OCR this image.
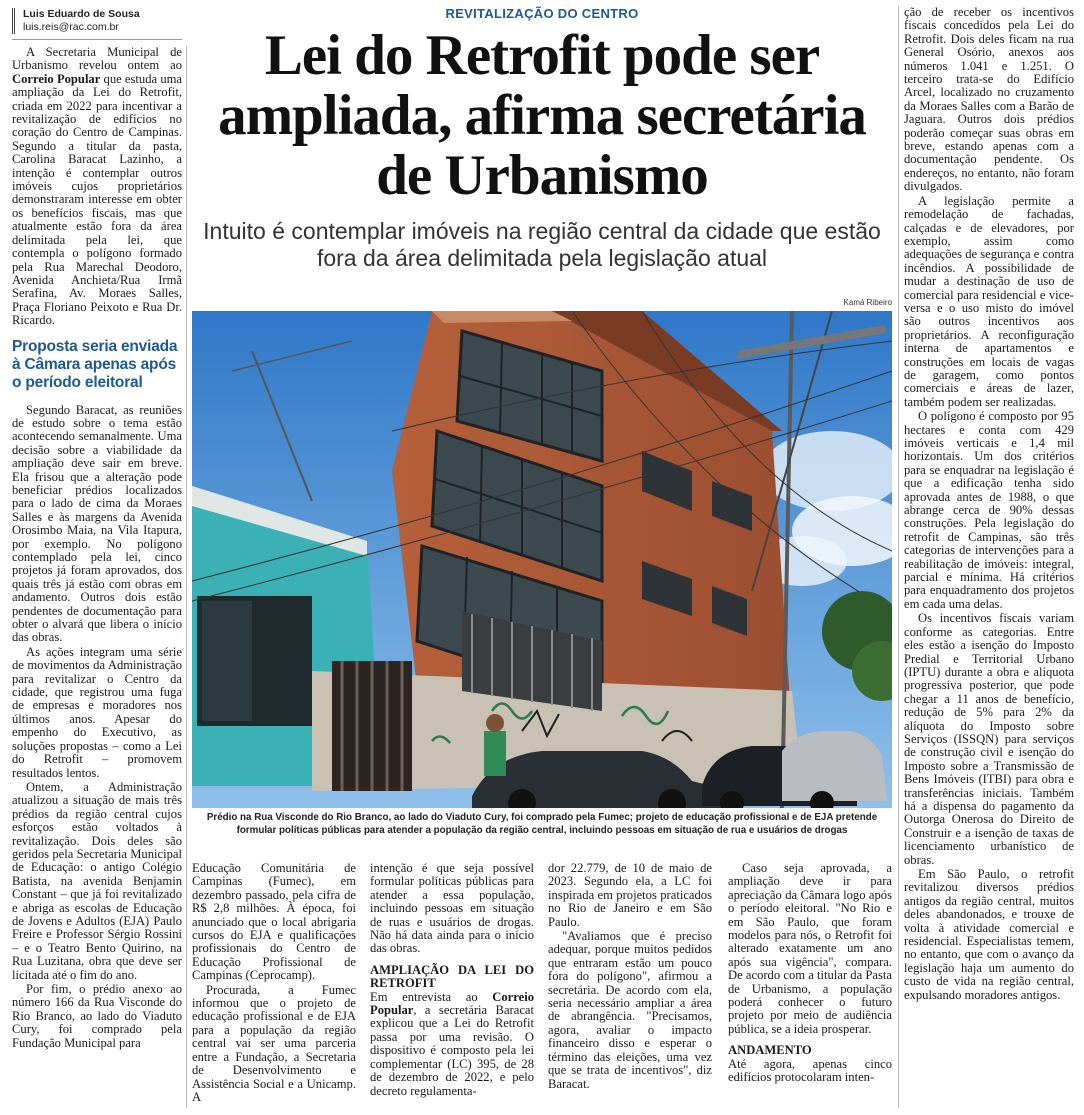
Luis Eduardo de Sousa
luis.reis@rac.com.br
REVITALIZAÇÃO DO CENTRO
Lei do Retrofit pode ser ampliada, afirma secretária de Urbanismo
Intuito é contemplar imóveis na região central da cidade que estão fora da área delimitada pela legislação atual

A Secretaria Municipal de Urbanismo revelou ontem ao Correio Popular que estuda uma ampliação da Lei do Retrofit, criada em 2022 para incentivar a revitalização de edifícios no coração do Centro de Campinas. Segundo a titular da pasta, Carolina Baracat Lazinho, a intenção é contemplar outros imóveis cujos proprietários demonstraram interesse em obter os benefícios fiscais, mas que atualmente estão fora da área delimitada pela lei, que contempla o polígono formado pela Rua Marechal Deodoro, Avenida Anchieta/Rua Irmã Serafina, Av. Moraes Salles, Praça Floriano Peixoto e Rua Dr. Ricardo.

Proposta seria enviada à Câmara apenas após o período eleitoral

Segundo Baracat, as reuniões de estudo sobre o tema estão acontecendo semanalmente. Uma decisão sobre a viabilidade da ampliação deve sair em breve. Ela frisou que a alteração pode beneficiar prédios localizados para o lado de cima da Moraes Salles e às margens da Avenida Orosimbo Maia, na Vila Itapura, por exemplo. No polígono contemplado pela lei, cinco projetos já foram aprovados, dos quais três já estão com obras em andamento. Outros dois estão pendentes de documentação para obter o alvará que libera o início das obras.

As ações integram uma série de movimentos da Administração para revitalizar o Centro da cidade, que registrou uma fuga de empresas e moradores nos últimos anos. Apesar do empenho do Executivo, as soluções propostas – como a Lei do Retrofit – promovem resultados lentos.

Ontem, a Administração atualizou a situação de mais três prédios da região central cujos esforços estão voltados à revitalização. Dois deles são geridos pela Secretaria Municipal de Educação: o antigo Colégio Batista, na avenida Benjamin Constant – que já foi revitalizado e abriga as escolas de Educação de Jovens e Adultos (EJA) Paulo Freire e Professor Sérgio Rossini – e o Teatro Bento Quirino, na Rua Luzitana, obra que deve ser licitada até o fim do ano.

Por fim, o prédio anexo ao número 166 da Rua Visconde do Rio Branco, ao lado do Viaduto Cury, foi comprado pela Fundação Municipal para

Kamá Ribeiro
Prédio na Rua Visconde do Rio Branco, ao lado do Viaduto Cury, foi comprado pela Fumec; projeto de educação profissional e de EJA pretende formular políticas públicas para atender a população da região central, incluindo pessoas em situação de rua e usuários de drogas

Educação Comunitária de Campinas (Fumec), em dezembro passado, pela cifra de R$ 2,8 milhões. À época, foi anunciado que o local abrigaria cursos do EJA e qualificações profissionais do Centro de Educação Profissional de Campinas (Ceprocamp).

Procurada, a Fumec informou que o projeto de educação profissional e de EJA para a população da região central vai ser uma parceria entre a Fundação, a Secretaria de Desenvolvimento e Assistência Social e a Unicamp. A

intenção é que seja possível formular políticas públicas para atender a essa população, incluindo pessoas em situação de ruas e usuários de drogas. Não há data ainda para o início das obras.

AMPLIAÇÃO DA LEI DO RETROFIT

Em entrevista ao Correio Popular, a secretária Baracat explicou que a Lei do Retrofit passa por uma revisão. O dispositivo é composto pela lei complementar (LC) 395, de 28 de dezembro de 2022, e pelo decreto regulamenta-

dor 22.779, de 10 de maio de 2023. Segundo ela, a LC foi inspirada em projetos praticados no Rio de Janeiro e em São Paulo.

"Avaliamos que é preciso adequar, porque muitos pedidos que entraram estão um pouco fora do polígono", afirmou a secretária. De acordo com ela, seria necessário ampliar a área de abrangência. "Precisamos, agora, avaliar o impacto financeiro disso e esperar o término das eleições, uma vez que se trata de incentivos", diz Baracat.

Caso seja aprovada, a ampliação deve ir para apreciação da Câmara logo após o período eleitoral. "No Rio e em São Paulo, que foram modelos para nós, o Retrofit foi alterado exatamente um ano após sua vigência", compara. De acordo com a titular da Pasta de Urbanismo, a população poderá conhecer o futuro projeto por meio de audiência pública, se a ideia prosperar.

ANDAMENTO

Até agora, apenas cinco edifícios protocolaram inten-

ção de receber os incentivos fiscais concedidos pela Lei do Retrofit. Dois deles ficam na rua General Osório, anexos aos números 1.041 e 1.251. O terceiro trata-se do Edifício Arcel, localizado no cruzamento da Moraes Salles com a Barão de Jaguara. Outros dois prédios poderão começar suas obras em breve, estando apenas com a documentação pendente. Os endereços, no entanto, não foram divulgados.

A legislação permite a remodelação de fachadas, calçadas e de elevadores, por exemplo, assim como adequações de segurança e contra incêndios. A possibilidade de mudar a destinação de uso de comercial para residencial e vice-versa e o uso misto do imóvel são outros incentivos aos proprietários. A reconfiguração interna de apartamentos e construções em locais de vagas de garagem, como pontos comerciais e áreas de lazer, também podem ser realizadas.

O polígono é composto por 95 hectares e conta com 429 imóveis verticais e 1,4 mil horizontais. Um dos critérios para se enquadrar na legislação é que a edificação tenha sido aprovada antes de 1988, o que abrange cerca de 90% dessas construções. Pela legislação do retrofit de Campinas, são três categorias de intervenções para a reabilitação de imóveis: integral, parcial e mínima. Há critérios para enquadramento dos projetos em cada uma delas.

Os incentivos fiscais variam conforme as categorias. Entre eles estão a isenção do Imposto Predial e Territorial Urbano (IPTU) durante a obra e alíquota progressiva posterior, que pode chegar a 11 anos de benefício, redução de 5% para 2% da alíquota do Imposto sobre Serviços (ISSQN) para serviços de construção civil e isenção do Imposto sobre a Transmissão de Bens Imóveis (ITBI) para obra e transferências iniciais. Também há a dispensa do pagamento da Outorga Onerosa do Direito de Construir e a isenção de taxas de licenciamento urbanístico de obras.

Em São Paulo, o retrofit revitalizou diversos prédios antigos da região central, muitos deles abandonados, e trouxe de volta à atividade comercial e residencial. Especialistas temem, no entanto, que com o avanço da legislação haja um aumento do custo de vida na região central, expulsando moradores antigos.
